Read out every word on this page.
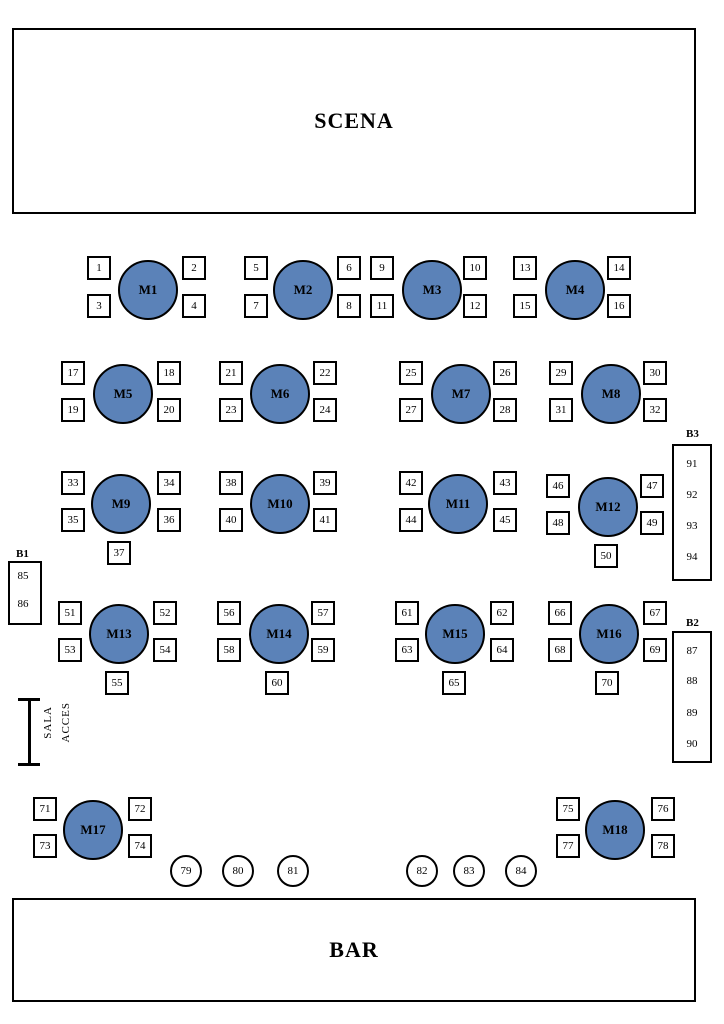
SCENA
BAR
B1
85
86
B2
87
88
89
90
B3
91
92
93
94
M1	M2	M3	M4
M5	M6	M7	M8
M9	M10	M11	M12
M13	M14	M15	M16
M17	M18
1
3
2
4
5
7
6
8
9
11
10
12
13
15
14
16
17
19
18
20
21
23
22
24
25
27
26
28
29
31
30
32
33
35
34
36
37
38
40
39
41
42
44
43
45
46
48
47
49
50
51
53
52
54
55
56
58
57
59
60
61
63
62
64
65
66
68
67
69
70
71
73
72
74
75
77
76
78
79	80	81	82	83	84
ACCES
SALA
